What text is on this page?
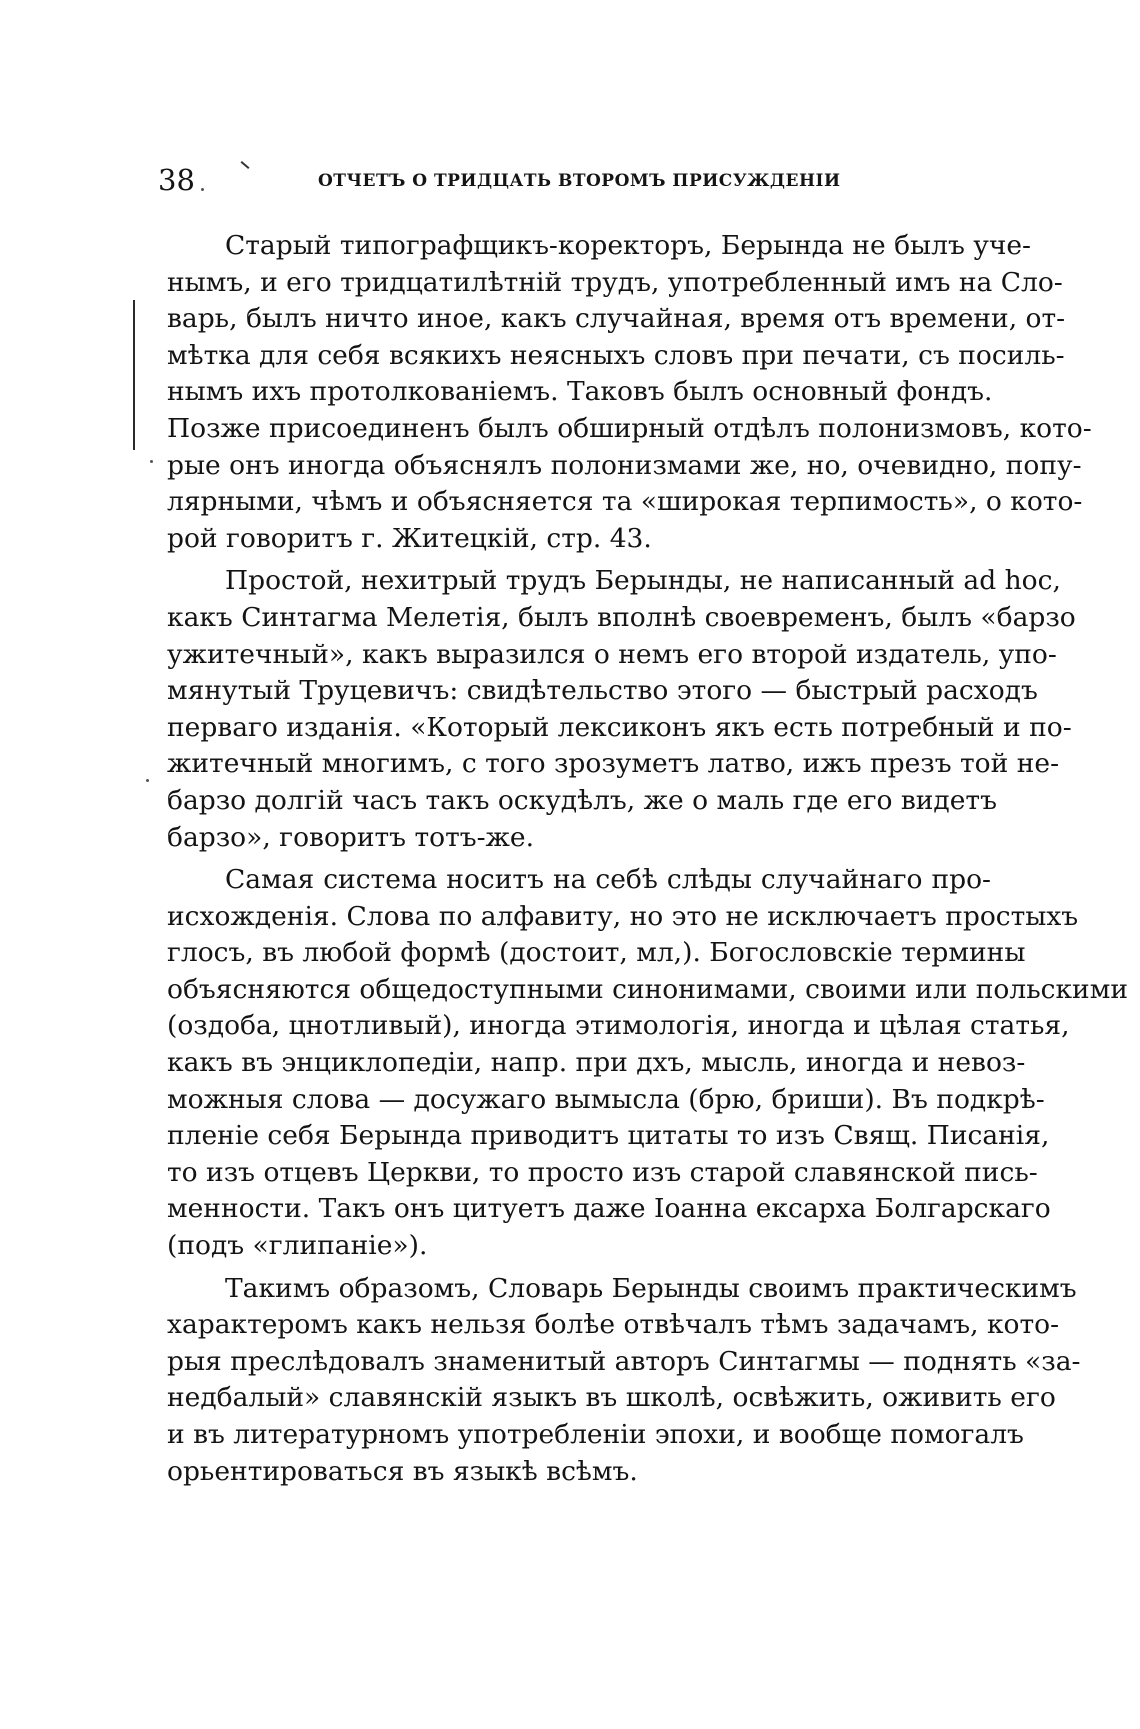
38	ОТЧЕТЪ О ТРИДЦАТЬ ВТОРОМЪ ПРИСУЖДЕНІИ
Старый типографщикъ-коректоръ, Берында не былъ уче-
нымъ, и его тридцатилѣтній трудъ, употребленный имъ на Сло-
варь, былъ ничто иное, какъ случайная, время отъ времени, от-
мѣтка для себя всякихъ неясныхъ словъ при печати, съ посиль-
нымъ ихъ протолкованіемъ. Таковъ былъ основный фондъ.
Позже присоединенъ былъ обширный отдѣлъ полонизмовъ, кото-
рые онъ иногда объяснялъ полонизмами же, но, очевидно, попу-
лярными, чѣмъ и объясняется та «широкая терпимость», о кото-
рой говоритъ г. Житецкій, стр. 43.
Простой, нехитрый трудъ Берынды, не написанный ad hoc,
какъ Синтагма Мелетія, былъ вполнѣ своевременъ, былъ «барзо
ужитечный», какъ выразился о немъ его второй издатель, упо-
мянутый Труцевичъ: свидѣтельство этого — быстрый расходъ
перваго изданія. «Который лексиконъ якъ есть потребный и по-
житечный многимъ, с того зрозуметъ латво, ижъ презъ той не-
барзо долгій часъ такъ оскудѣлъ, же о маль где его видетъ
барзо», говоритъ тотъ-же.
Самая система носитъ на себѣ слѣды случайнаго про-
исхожденія. Слова по алфавиту, но это не исключаетъ простыхъ
глосъ, въ любой формѣ (достоит, мл,). Богословскіе термины
объясняются общедоступными синонимами, своими или польскими
(оздоба, цнотливый), иногда этимологія, иногда и цѣлая статья,
какъ въ энциклопедіи, напр. при дхъ, мысль, иногда и невоз-
можныя слова — досужаго вымысла (брю, бриши). Въ подкрѣ-
пленіе себя Берында приводитъ цитаты то изъ Свящ. Писанія,
то изъ отцевъ Церкви, то просто изъ старой славянской пись-
менности. Такъ онъ цитуетъ даже Іоанна ексарха Болгарскаго
(подъ «глипаніе»).
Такимъ образомъ, Словарь Берынды своимъ практическимъ
характеромъ какъ нельзя болѣе отвѣчалъ тѣмъ задачамъ, кото-
рыя преслѣдовалъ знаменитый авторъ Синтагмы — поднять «за-
недбалый» славянскій языкъ въ школѣ, освѣжить, оживить его
и въ литературномъ употребленіи эпохи, и вообще помогалъ
орьентироваться въ языкѣ всѣмъ.
